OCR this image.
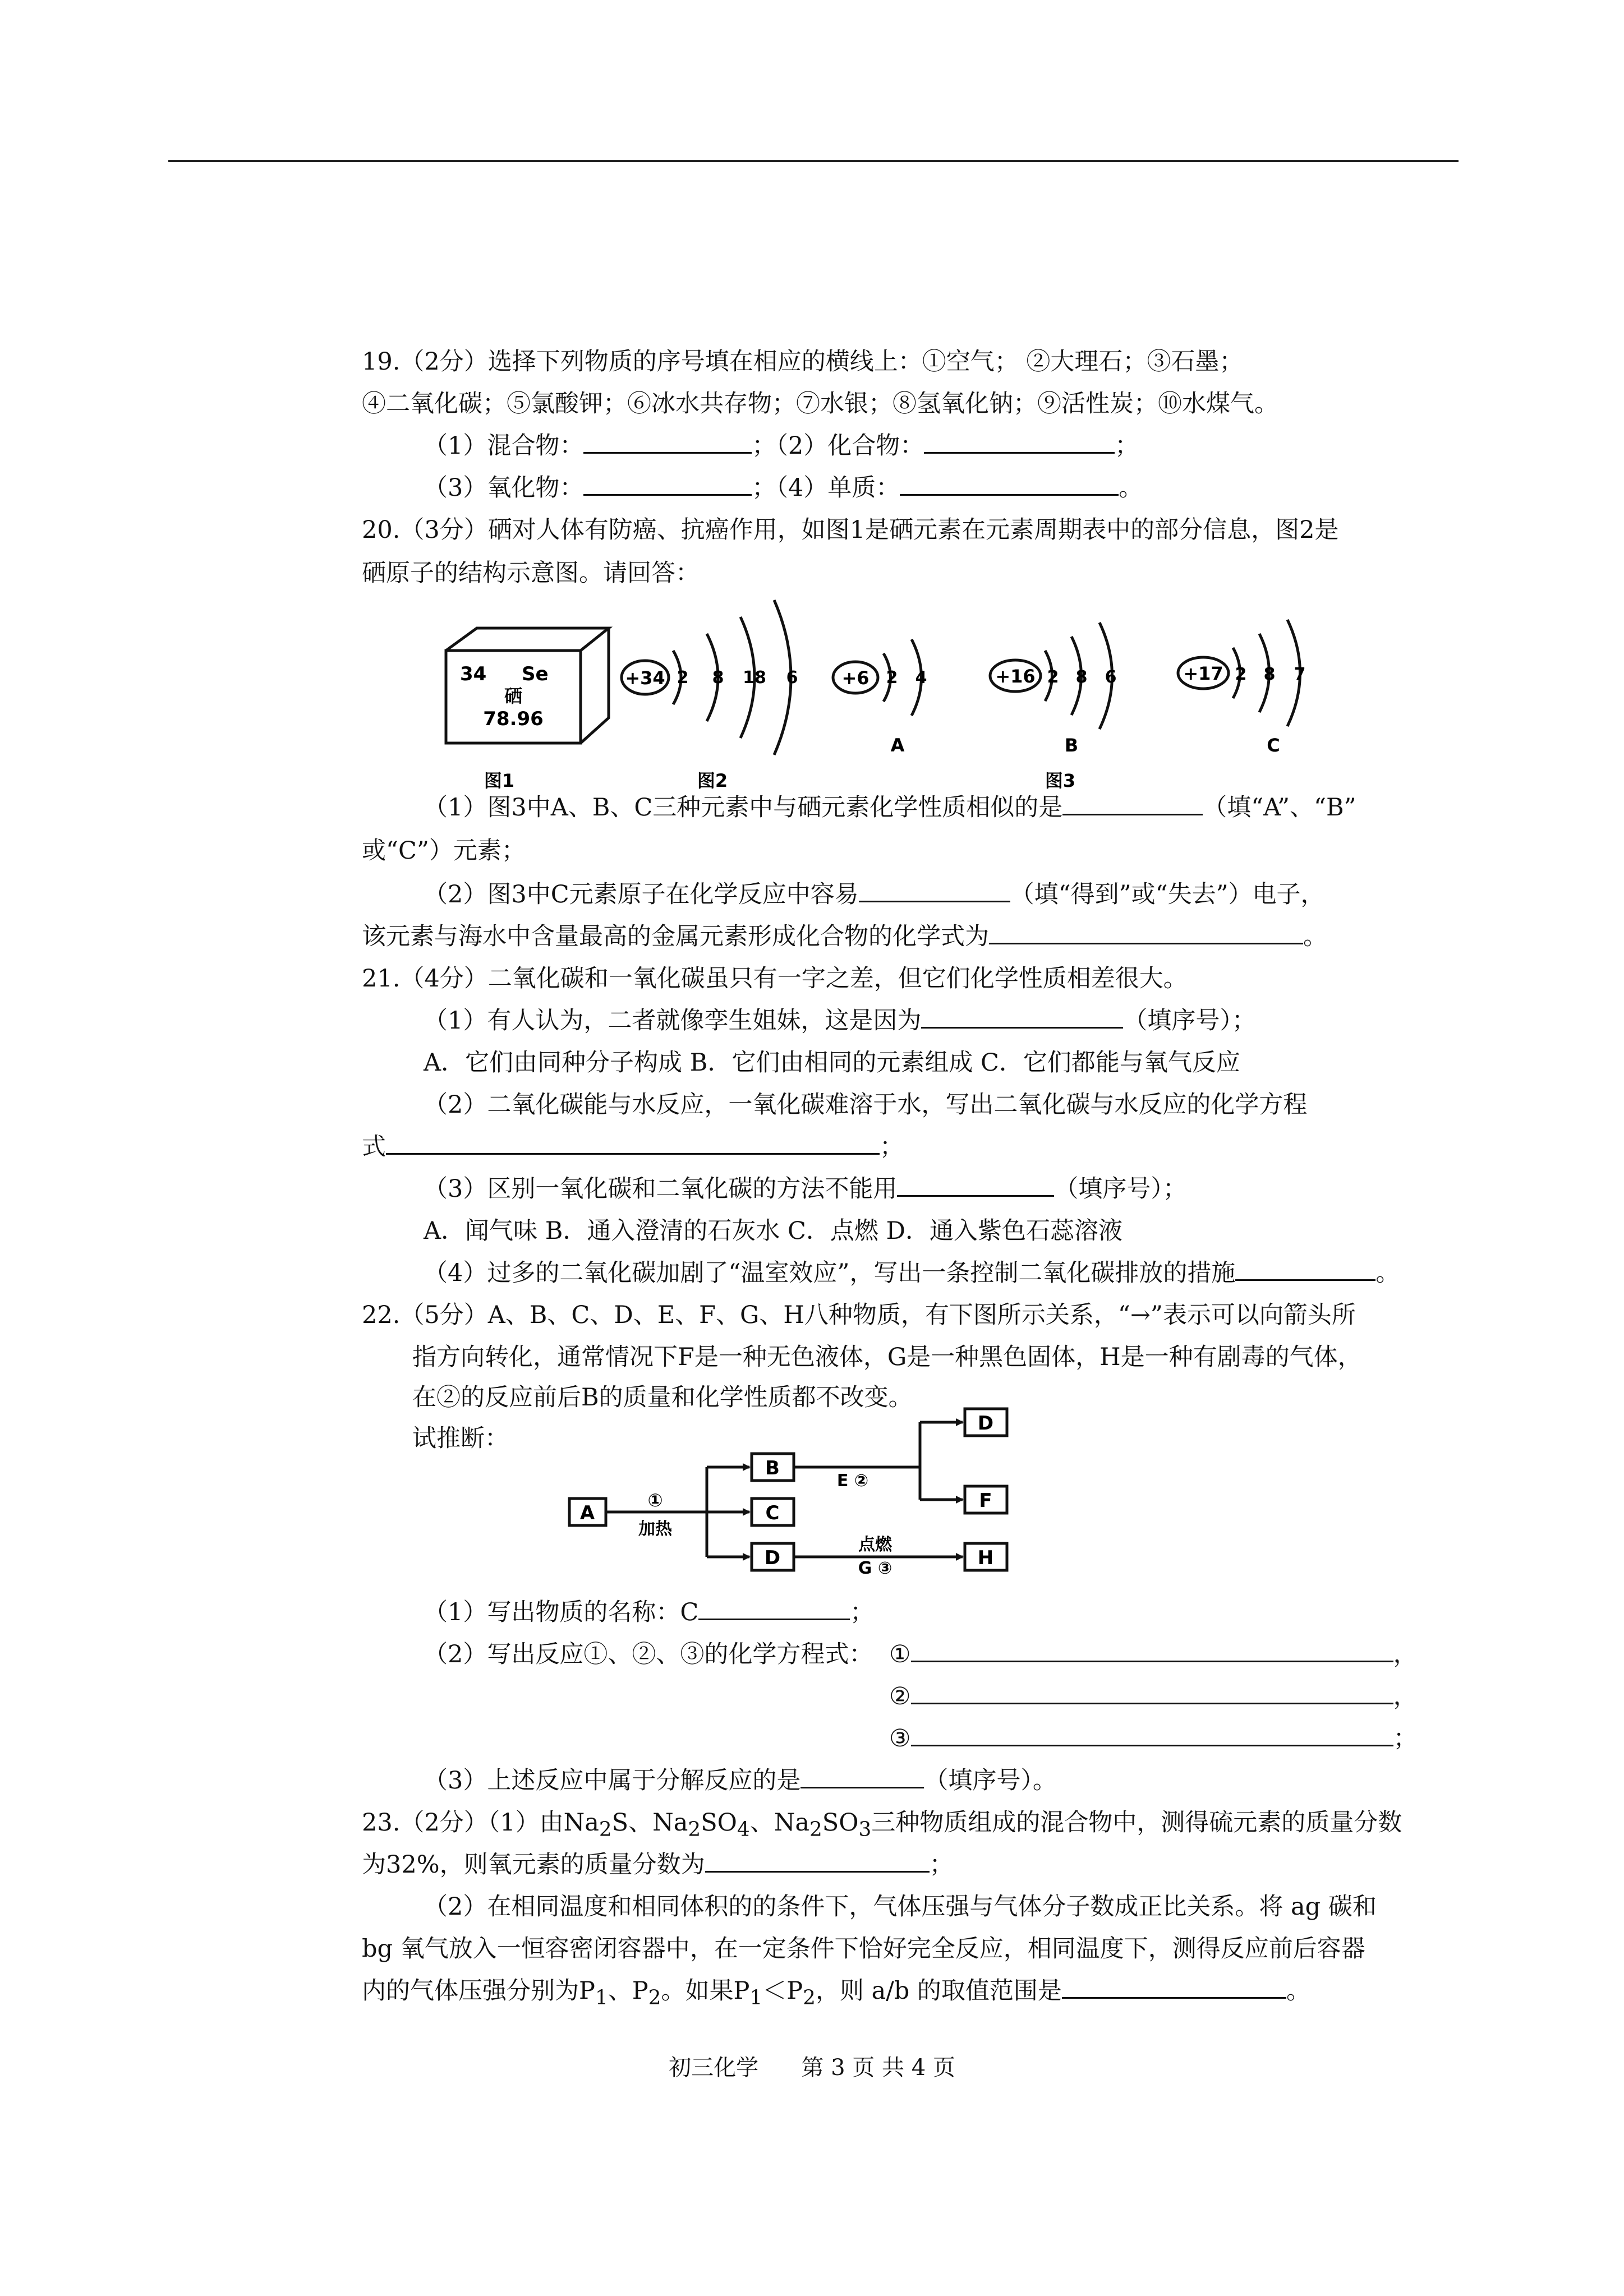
19.（2分）选择下列物质的序号填在相应的横线上：①空气； ②大理石；③石墨；
④二氧化碳；⑤氯酸钾；⑥冰水共存物；⑦水银；⑧氢氧化钠；⑨活性炭；⑩水煤气。
（1）混合物：	；（2）化合物：	；
（3）氧化物：	；（4）单质：	。
20.（3分）硒对人体有防癌、抗癌作用，如图1是硒元素在元素周期表中的部分信息，图2是
硒原子的结构示意图。请回答：
34 Se
硒
78.96
+34 2 8 18 6 +6 2 4
A
+16 2 8 6
B
+17 2 8 7
C
图1	图2	图3
（1）图3中A、B、C三种元素中与硒元素化学性质相似的是	（填“A”、“B”
或“C”）元素；
（2）图3中C元素原子在化学反应中容易	（填“得到”或“失去”）电子，
该元素与海水中含量最高的金属元素形成化合物的化学式为	。
21.（4分）二氧化碳和一氧化碳虽只有一字之差，但它们化学性质相差很大。
（1）有人认为，二者就像孪生姐妹，这是因为	（填序号）；
A．它们由同种分子构成 B．它们由相同的元素组成 C．它们都能与氧气反应
（2）二氧化碳能与水反应，一氧化碳难溶于水，写出二氧化碳与水反应的化学方程
式	；
（3）区别一氧化碳和二氧化碳的方法不能用	（填序号）；
A．闻气味 B．通入澄清的石灰水 C．点燃 D．通入紫色石蕊溶液
（4）过多的二氧化碳加剧了“温室效应”，写出一条控制二氧化碳排放的措施	。
22.（5分）A、B、C、D、E、F、G、H八种物质，有下图所示关系，“→”表示可以向箭头所
指方向转化，通常情况下F是一种无色液体，G是一种黑色固体，H是一种有剧毒的气体，
在②的反应前后B的质量和化学性质都不改变。
试推断：
A
B
C
D
D
F
H
①
加热
E ②
点燃
G ③
（1）写出物质的名称：C	；
（2）写出反应①、②、③的化学方程式： ①	，
②	，
③	；
（3）上述反应中属于分解反应的是	（填序号）。
23.（2分）（1）由$Na_2S$、$Na_2SO_4$、$Na_2SO_3$三种物质组成的混合物中，测得硫元素的质量分数
为32%，则氧元素的质量分数为	；
（2）在相同温度和相同体积的的条件下，气体压强与气体分子数成正比关系。将 ag 碳和
bg 氧气放入一恒容密闭容器中，在一定条件下恰好完全反应，相同温度下，测得反应前后容器
内的气体压强分别为$P_1$、$P_2$。如果$P_1<P_2$，则 a/b 的取值范围是	。
初三化学 第 3 页 共 4 页
